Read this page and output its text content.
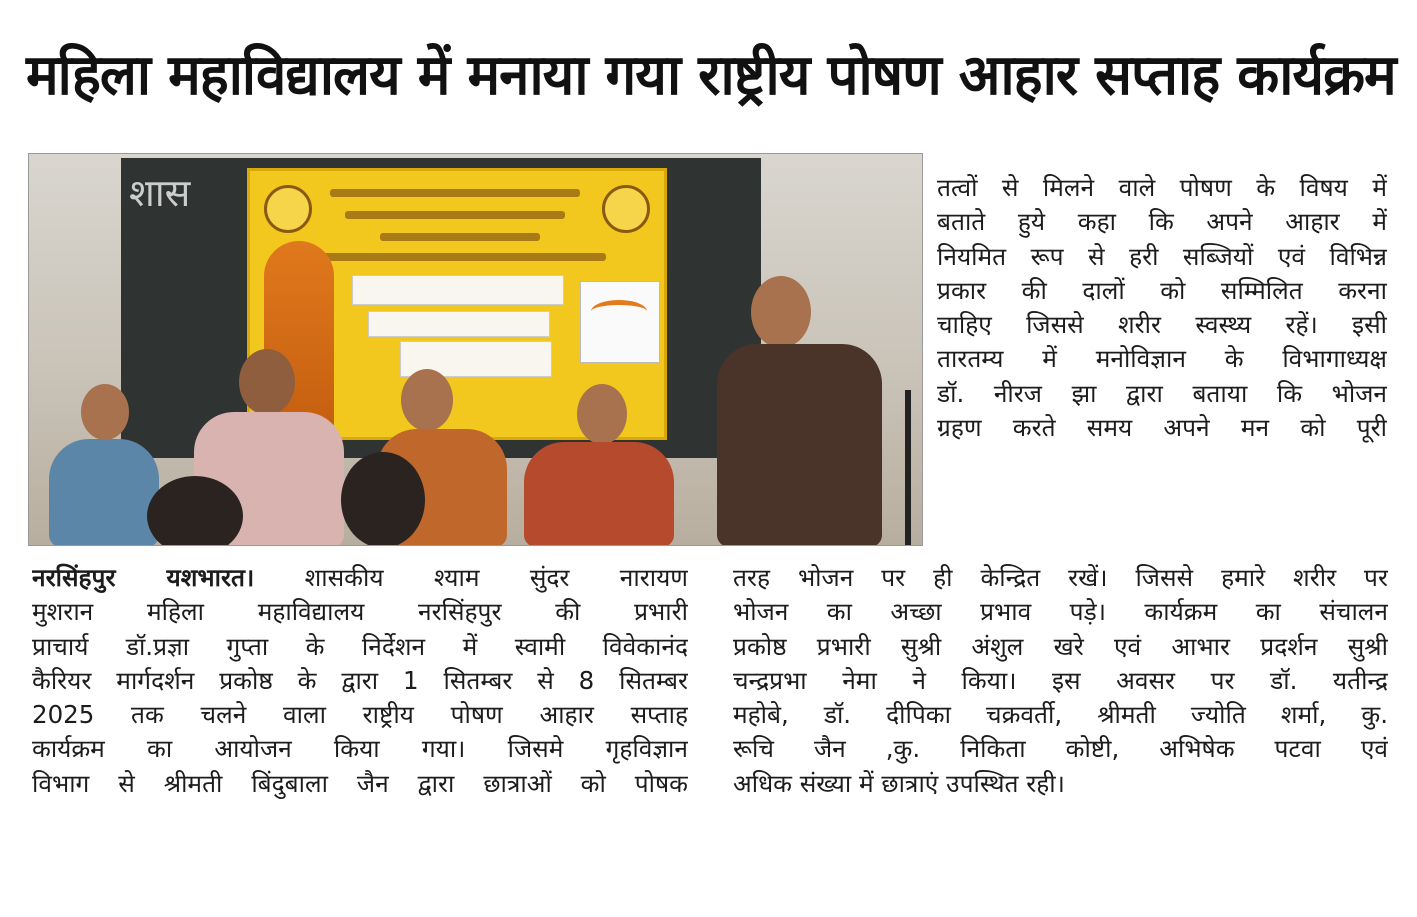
महिला महाविद्यालय में मनाया गया राष्ट्रीय पोषण आहार सप्ताह कार्यक्रम
शास	तत्वों से मिलने वाले पोषण के विषय में

बताते हुये कहा कि अपने आहार में

नियमित रूप से हरी सब्जियों एवं विभिन्न

प्रकार की दालों को सम्मिलित करना

चाहिए जिससे शरीर स्वस्थ्य रहें। इसी

तारतम्य में मनोविज्ञान के विभागाध्यक्ष

डॉ. नीरज झा द्वारा बताया कि भोजन

ग्रहण करते समय अपने मन को पूरी

नरसिंहपुर यशभारत। शासकीय श्याम सुंदर नारायण

मुशरान महिला महाविद्यालय नरसिंहपुर की प्रभारी

प्राचार्य डॉ.प्रज्ञा गुप्ता के निर्देशन में स्वामी विवेकानंद

कैरियर मार्गदर्शन प्रकोष्ठ के द्वारा 1 सितम्बर से 8 सितम्बर

2025 तक चलने वाला राष्ट्रीय पोषण आहार सप्ताह

कार्यक्रम का आयोजन किया गया। जिसमे गृहविज्ञान

विभाग से श्रीमती बिंदुबाला जैन द्वारा छात्राओं को पोषक

तरह भोजन पर ही केन्द्रित रखें। जिससे हमारे शरीर पर

भोजन का अच्छा प्रभाव पड़े। कार्यक्रम का संचालन

प्रकोष्ठ प्रभारी सुश्री अंशुल खरे एवं आभार प्रदर्शन सुश्री

चन्द्रप्रभा नेमा ने किया। इस अवसर पर डॉ. यतीन्द्र

महोबे, डॉ. दीपिका चक्रवर्ती, श्रीमती ज्योति शर्मा, कु.

रूचि जैन ,कु. निकिता कोष्टी, अभिषेक पटवा एवं

अधिक संख्या में छात्राएं उपस्थित रही।
